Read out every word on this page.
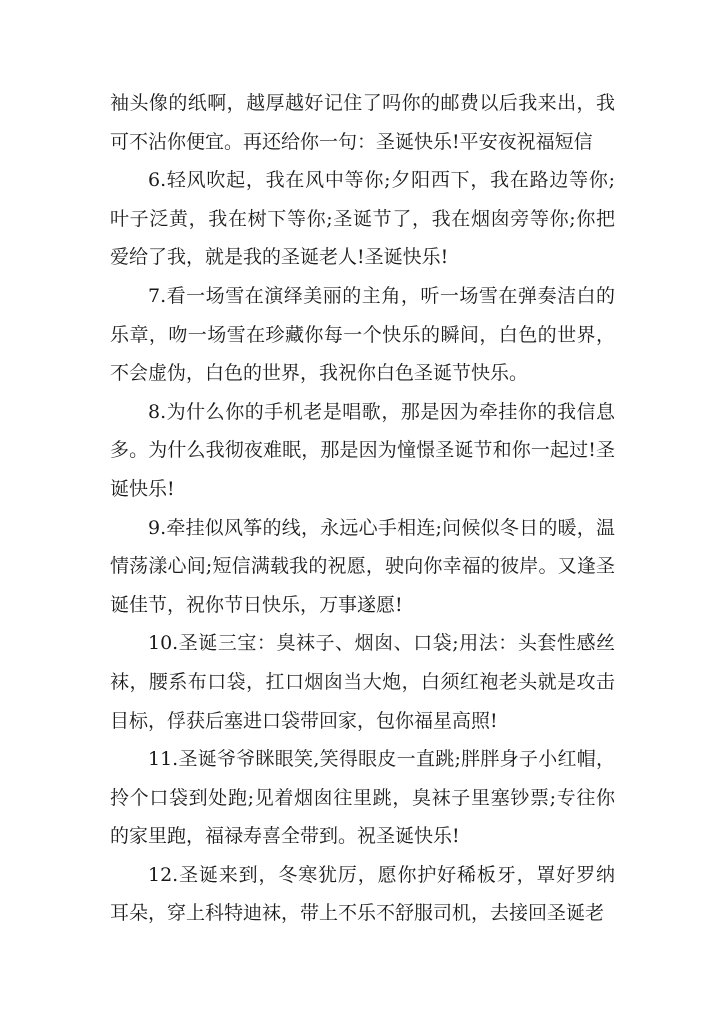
袖头像的纸啊，越厚越好记住了吗你的邮费以后我来出，我可不沾你便宜。再还给你一句：圣诞快乐!平安夜祝福短信

6.轻风吹起，我在风中等你;夕阳西下，我在路边等你;叶子泛黄，我在树下等你;圣诞节了，我在烟囱旁等你;你把爱给了我，就是我的圣诞老人!圣诞快乐!

7.看一场雪在演绎美丽的主角，听一场雪在弹奏洁白的乐章，吻一场雪在珍藏你每一个快乐的瞬间，白色的世界，不会虚伪，白色的世界，我祝你白色圣诞节快乐。

8.为什么你的手机老是唱歌，那是因为牵挂你的我信息多。为什么我彻夜难眠，那是因为憧憬圣诞节和你一起过!圣诞快乐!

9.牵挂似风筝的线，永远心手相连;问候似冬日的暖，温情荡漾心间;短信满载我的祝愿，驶向你幸福的彼岸。又逢圣诞佳节，祝你节日快乐，万事遂愿!

10.圣诞三宝：臭袜子、烟囱、口袋;用法：头套性感丝袜，腰系布口袋，扛口烟囱当大炮，白须红袍老头就是攻击目标，俘获后塞进口袋带回家，包你福星高照!

11.圣诞爷爷眯眼笑,笑得眼皮一直跳;胖胖身子小红帽，拎个口袋到处跑;见着烟囱往里跳，臭袜子里塞钞票;专往你的家里跑，福禄寿喜全带到。祝圣诞快乐!

12.圣诞来到，冬寒犹厉，愿你护好稀板牙，罩好罗纳耳朵，穿上科特迪袜，带上不乐不舒服司机，去接回圣诞老
